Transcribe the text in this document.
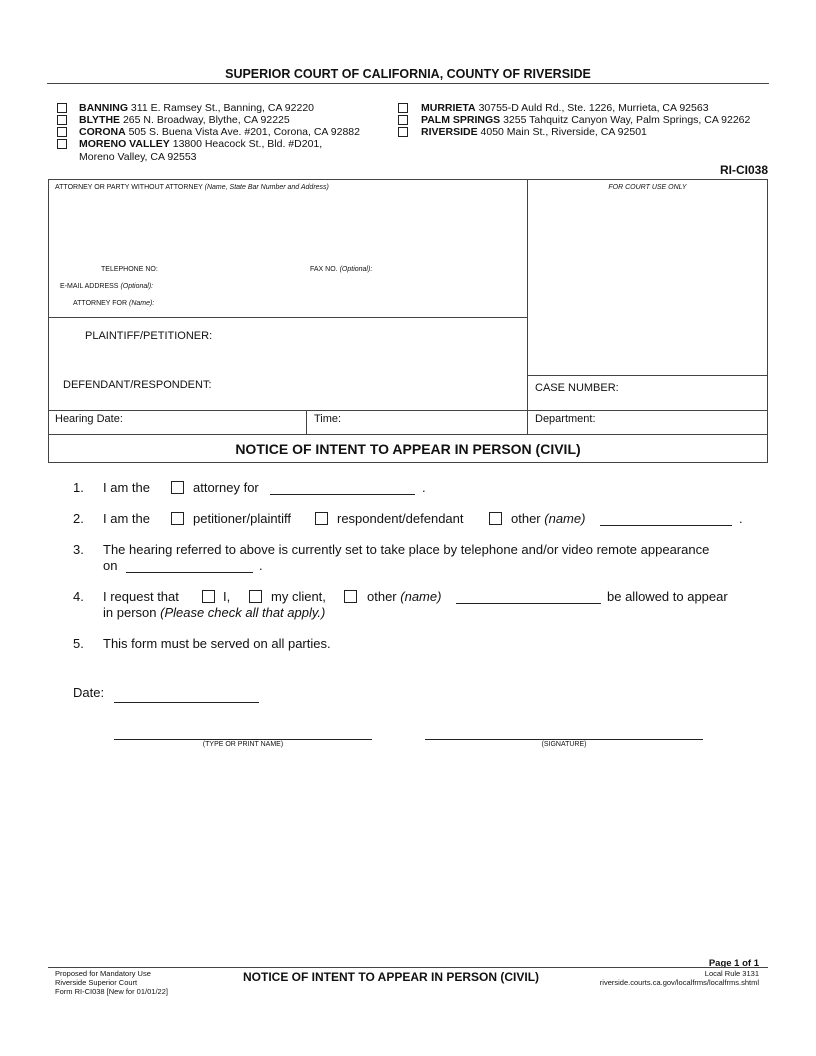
SUPERIOR COURT OF CALIFORNIA, COUNTY OF RIVERSIDE
BANNING 311 E. Ramsey St., Banning, CA 92220
BLYTHE 265 N. Broadway, Blythe, CA 92225
CORONA 505 S. Buena Vista Ave. #201, Corona, CA 92882
MORENO VALLEY 13800 Heacock St., Bld. #D201,
Moreno Valley, CA 92553
MURRIETA 30755-D Auld Rd., Ste. 1226, Murrieta, CA 92563
PALM SPRINGS 3255 Tahquitz Canyon Way, Palm Springs, CA 92262
RIVERSIDE 4050 Main St., Riverside, CA 92501
RI-CI038
ATTORNEY OR PARTY WITHOUT ATTORNEY (Name, State Bar Number and Address)
TELEPHONE NO:	FAX NO. (Optional):
E-MAIL ADDRESS (Optional):
ATTORNEY FOR (Name):
FOR COURT USE ONLY
PLAINTIFF/PETITIONER:
DEFENDANT/RESPONDENT:	CASE NUMBER:
Hearing Date:	Time:	Department:
NOTICE OF INTENT TO APPEAR IN PERSON (CIVIL)
1. I am the	attorney for	.
2. I am the	petitioner/plaintiff	respondent/defendant	other (name)	.
3. The hearing referred to above is currently set to take place by telephone and/or video remote appearance
on	.
4. I request that	I,	my client,	other (name)	be allowed to appear
in person (Please check all that apply.)
5. This form must be served on all parties.
Date:
(TYPE OR PRINT NAME)	(SIGNATURE)
Page 1 of 1
Proposed for Mandatory Use
Riverside Superior Court
Form RI-CI038 [New for 01/01/22]
NOTICE OF INTENT TO APPEAR IN PERSON (CIVIL)	Local Rule 3131
riverside.courts.ca.gov/localfrms/localfrms.shtml
